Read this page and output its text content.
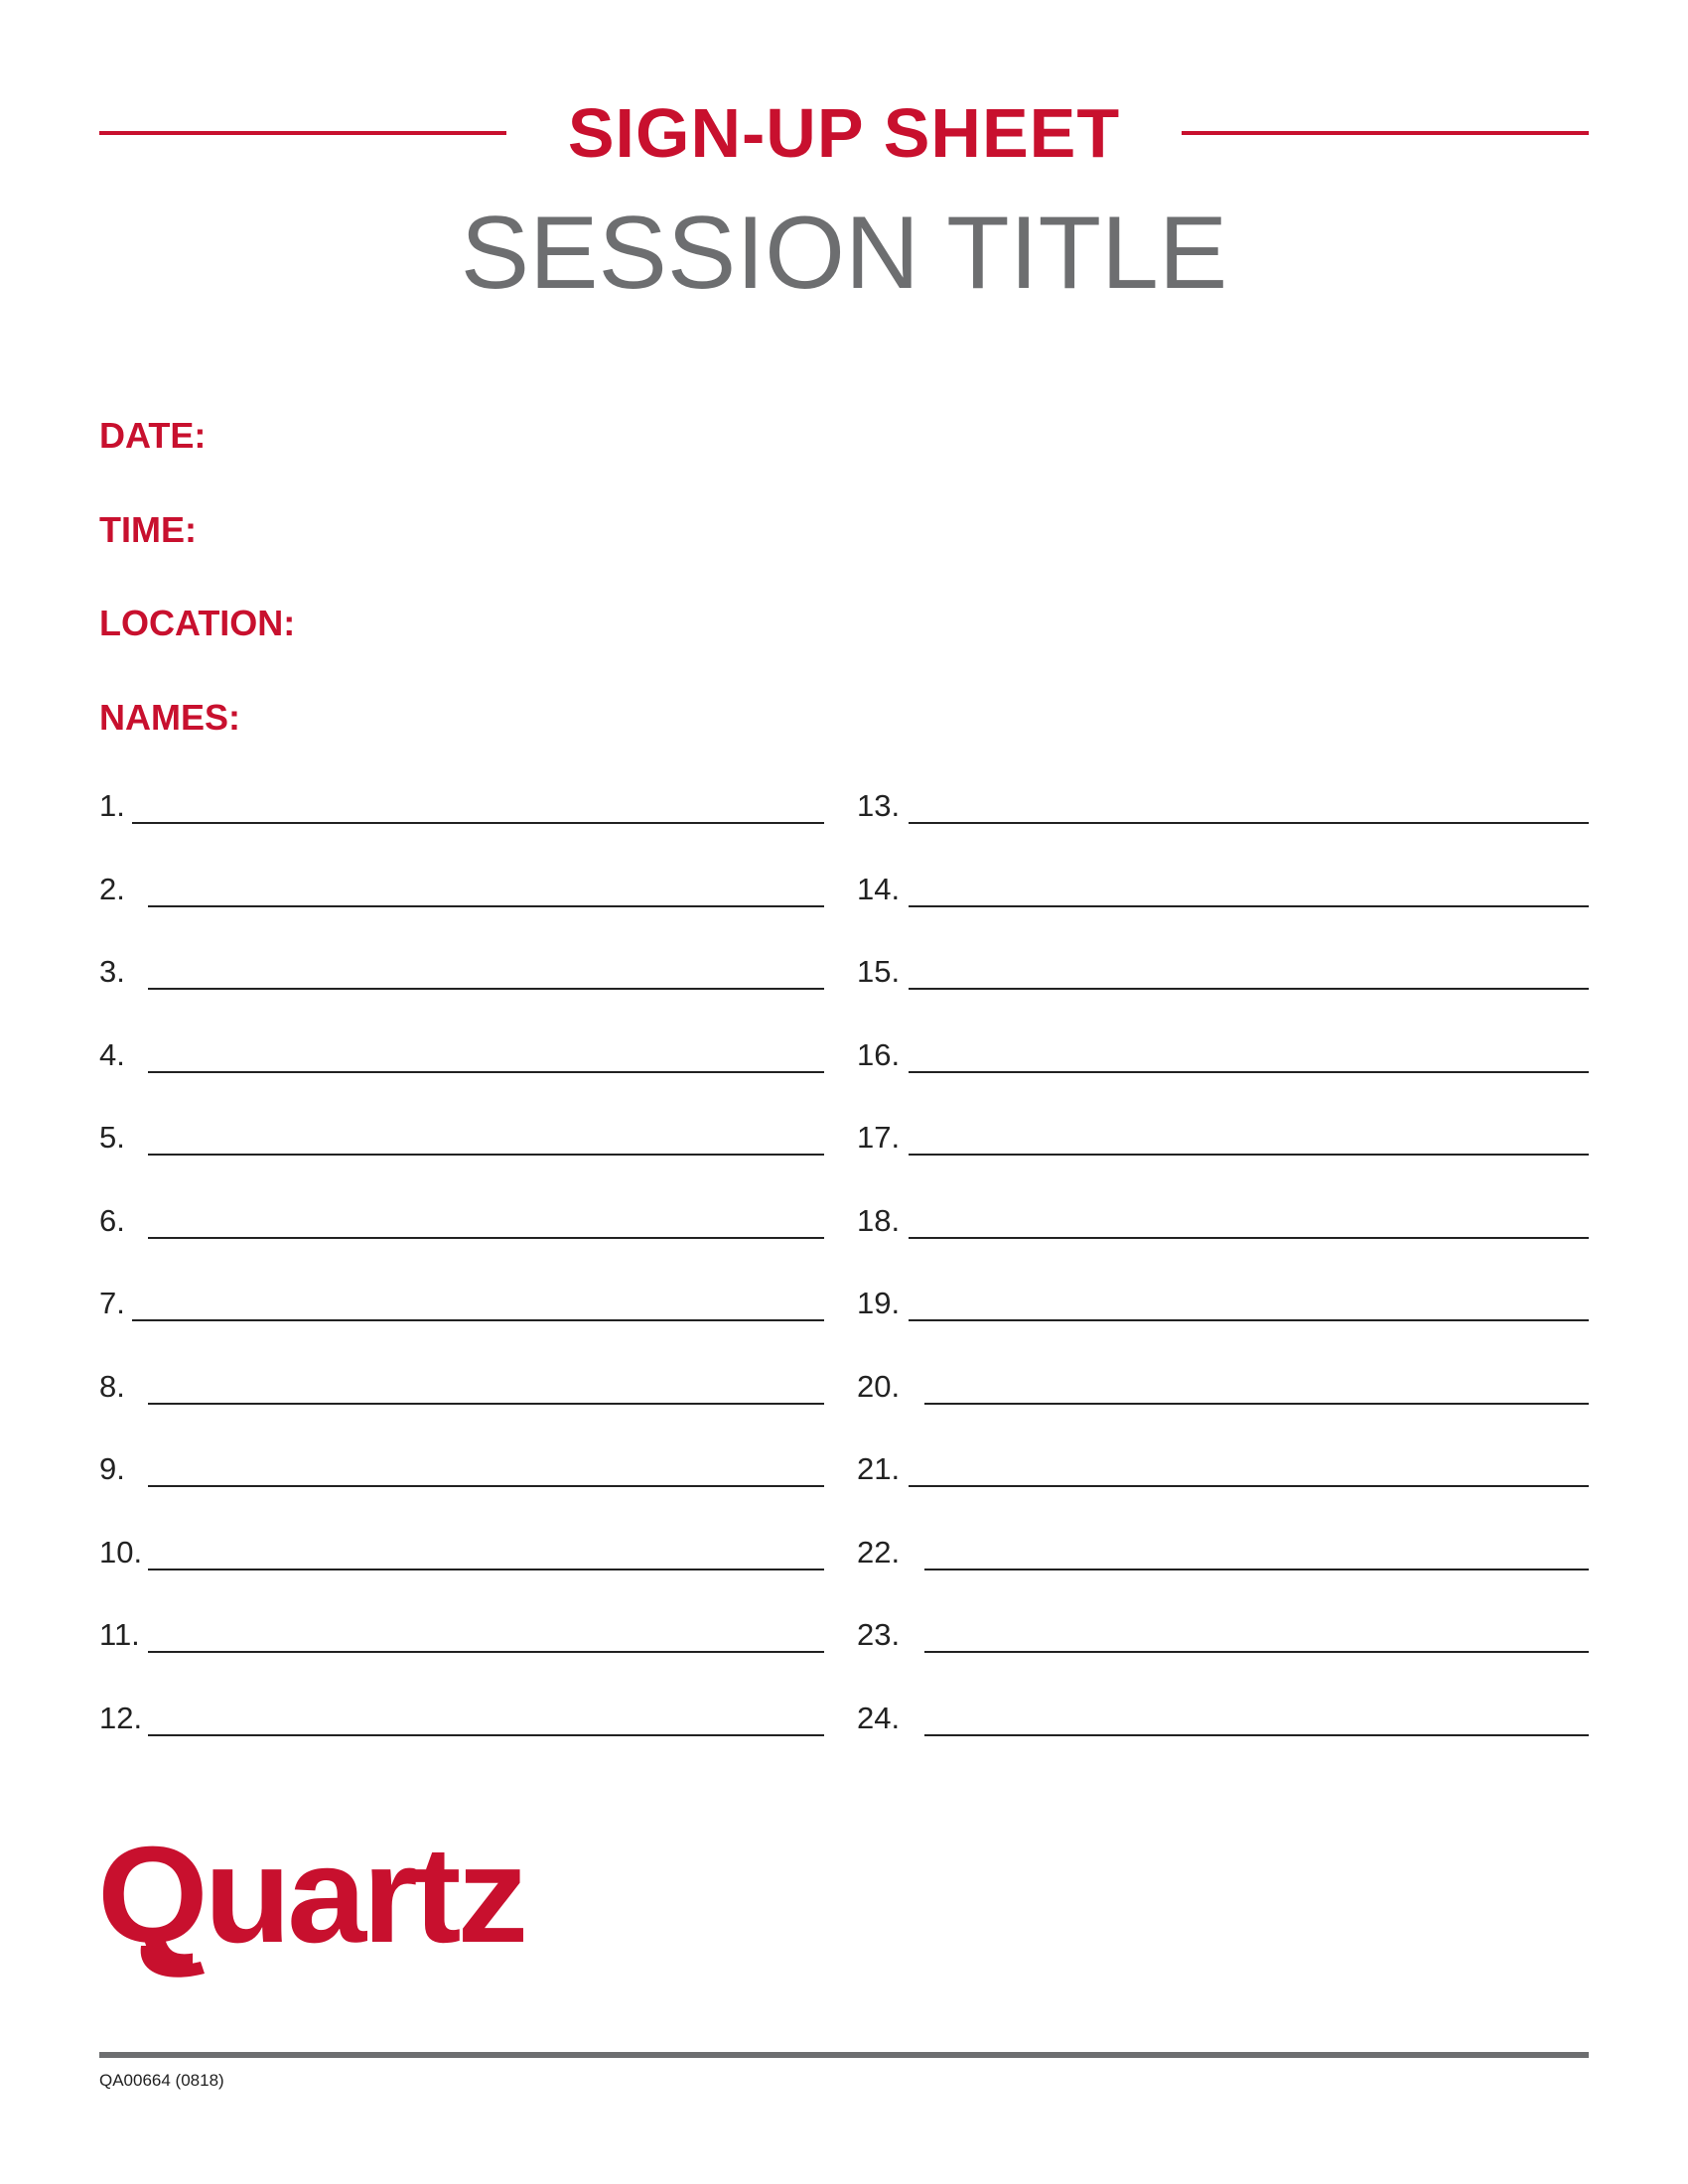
SIGN-UP SHEET
SESSION TITLE
DATE:
TIME:
LOCATION:
NAMES:
1.
2.
3.
4.
5.
6.
7.
8.
9.
10.
11.
12.
13.
14.
15.
16.
17.
18.
19.
20.
21.
22.
23.
24.
Quartz
QA00664 (0818)
